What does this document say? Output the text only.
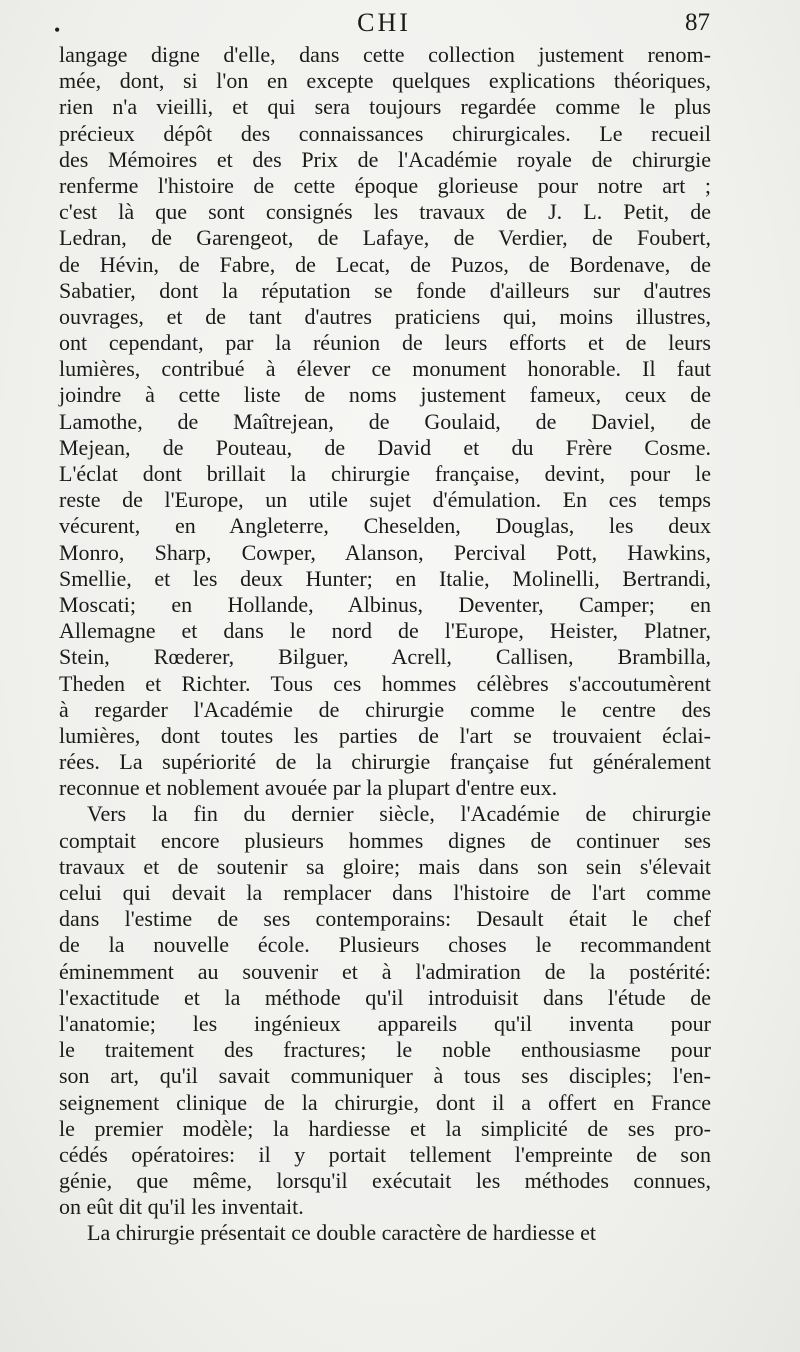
•	CHI	87
langage digne d'elle, dans cette collection justement renom-
mée, dont, si l'on en excepte quelques explications théoriques,
rien n'a vieilli, et qui sera toujours regardée comme le plus
précieux dépôt des connaissances chirurgicales. Le recueil
des Mémoires et des Prix de l'Académie royale de chirurgie
renferme l'histoire de cette époque glorieuse pour notre art ;
c'est là que sont consignés les travaux de J. L. Petit, de
Ledran, de Garengeot, de Lafaye, de Verdier, de Foubert,
de Hévin, de Fabre, de Lecat, de Puzos, de Bordenave, de
Sabatier, dont la réputation se fonde d'ailleurs sur d'autres
ouvrages, et de tant d'autres praticiens qui, moins illustres,
ont cependant, par la réunion de leurs efforts et de leurs
lumières, contribué à élever ce monument honorable. Il faut
joindre à cette liste de noms justement fameux, ceux de
Lamothe, de Maîtrejean, de Goulaid, de Daviel, de
Mejean, de Pouteau, de David et du Frère Cosme.
L'éclat dont brillait la chirurgie française, devint, pour le
reste de l'Europe, un utile sujet d'émulation. En ces temps
vécurent, en Angleterre, Cheselden, Douglas, les deux
Monro, Sharp, Cowper, Alanson, Percival Pott, Hawkins,
Smellie, et les deux Hunter; en Italie, Molinelli, Bertrandi,
Moscati; en Hollande, Albinus, Deventer, Camper; en
Allemagne et dans le nord de l'Europe, Heister, Platner,
Stein, Rœderer, Bilguer, Acrell, Callisen, Brambilla,
Theden et Richter. Tous ces hommes célèbres s'accoutumèrent
à regarder l'Académie de chirurgie comme le centre des
lumières, dont toutes les parties de l'art se trouvaient éclai-
rées. La supériorité de la chirurgie française fut généralement
reconnue et noblement avouée par la plupart d'entre eux.
Vers la fin du dernier siècle, l'Académie de chirurgie
comptait encore plusieurs hommes dignes de continuer ses
travaux et de soutenir sa gloire; mais dans son sein s'élevait
celui qui devait la remplacer dans l'histoire de l'art comme
dans l'estime de ses contemporains: Desault était le chef
de la nouvelle école. Plusieurs choses le recommandent
éminemment au souvenir et à l'admiration de la postérité:
l'exactitude et la méthode qu'il introduisit dans l'étude de
l'anatomie; les ingénieux appareils qu'il inventa pour
le traitement des fractures; le noble enthousiasme pour
son art, qu'il savait communiquer à tous ses disciples; l'en-
seignement clinique de la chirurgie, dont il a offert en France
le premier modèle; la hardiesse et la simplicité de ses pro-
cédés opératoires: il y portait tellement l'empreinte de son
génie, que même, lorsqu'il exécutait les méthodes connues,
on eût dit qu'il les inventait.
La chirurgie présentait ce double caractère de hardiesse et
